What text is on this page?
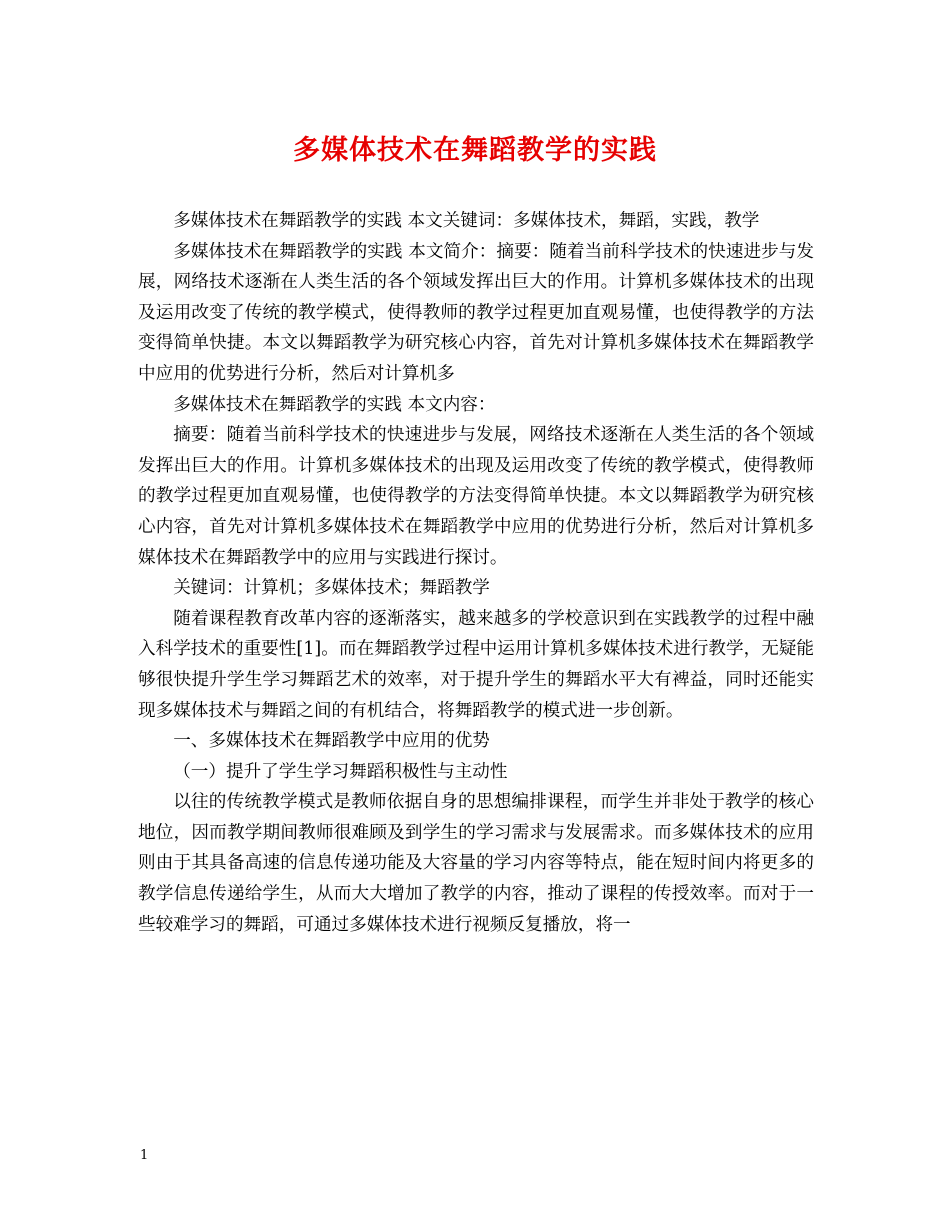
多媒体技术在舞蹈教学的实践

多媒体技术在舞蹈教学的实践 本文关键词：多媒体技术，舞蹈，实践，教学

多媒体技术在舞蹈教学的实践 本文简介：摘要：随着当前科学技术的快速进步与发展，网络技术逐渐在人类生活的各个领域发挥出巨大的作用。计算机多媒体技术的出现及运用改变了传统的教学模式，使得教师的教学过程更加直观易懂，也使得教学的方法变得简单快捷。本文以舞蹈教学为研究核心内容，首先对计算机多媒体技术在舞蹈教学中应用的优势进行分析，然后对计算机多

多媒体技术在舞蹈教学的实践 本文内容：

摘要：随着当前科学技术的快速进步与发展，网络技术逐渐在人类生活的各个领域发挥出巨大的作用。计算机多媒体技术的出现及运用改变了传统的教学模式，使得教师的教学过程更加直观易懂，也使得教学的方法变得简单快捷。本文以舞蹈教学为研究核心内容，首先对计算机多媒体技术在舞蹈教学中应用的优势进行分析，然后对计算机多媒体技术在舞蹈教学中的应用与实践进行探讨。

关键词：计算机；多媒体技术；舞蹈教学

随着课程教育改革内容的逐渐落实，越来越多的学校意识到在实践教学的过程中融入科学技术的重要性[1]。而在舞蹈教学过程中运用计算机多媒体技术进行教学，无疑能够很快提升学生学习舞蹈艺术的效率，对于提升学生的舞蹈水平大有裨益，同时还能实现多媒体技术与舞蹈之间的有机结合，将舞蹈教学的模式进一步创新。

一、多媒体技术在舞蹈教学中应用的优势

（一）提升了学生学习舞蹈积极性与主动性

以往的传统教学模式是教师依据自身的思想编排课程，而学生并非处于教学的核心地位，因而教学期间教师很难顾及到学生的学习需求与发展需求。而多媒体技术的应用则由于其具备高速的信息传递功能及大容量的学习内容等特点，能在短时间内将更多的教学信息传递给学生，从而大大增加了教学的内容，推动了课程的传授效率。而对于一些较难学习的舞蹈，可通过多媒体技术进行视频反复播放，将一

1
